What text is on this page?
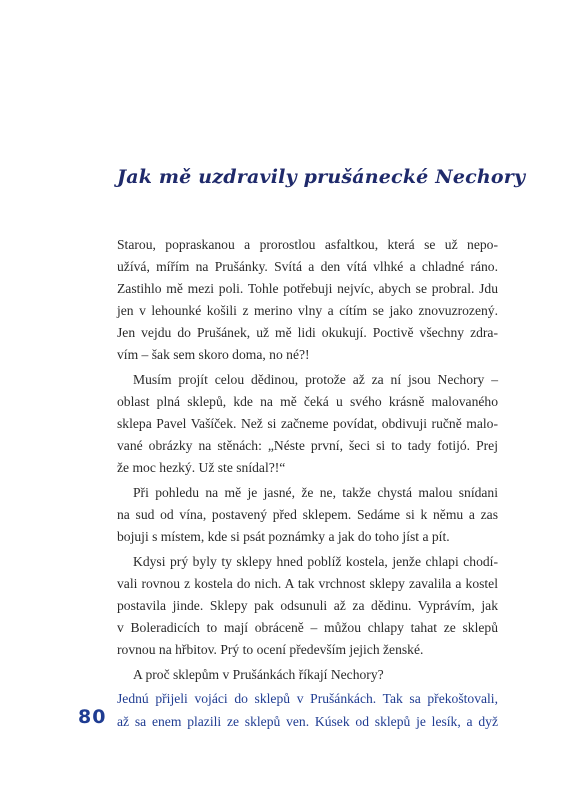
Jak mě uzdravily prušánecké Nechory
Starou, popraskanou a prorostlou asfaltkou, která se už nepo-
užívá, mířím na Prušánky. Svítá a den vítá vlhké a chladné ráno.
Zastihlo mě mezi poli. Tohle potřebuji nejvíc, abych se probral. Jdu
jen v lehounké košili z merino vlny a cítím se jako znovuzrozený.
Jen vejdu do Prušánek, už mě lidi okukují. Poctivě všechny zdra-
vím – šak sem skoro doma, no né?!
Musím projít celou dědinou, protože až za ní jsou Nechory –
oblast plná sklepů, kde na mě čeká u svého krásně malovaného
sklepa Pavel Vašíček. Než si začneme povídat, obdivuji ručně malo-
vané obrázky na stěnách: „Néste první, šeci si to tady fotijó. Prej
že moc hezký. Už ste snídal?!“
Při pohledu na mě je jasné, že ne, takže chystá malou snídani
na sud od vína, postavený před sklepem. Sedáme si k němu a zas
bojuji s místem, kde si psát poznámky a jak do toho jíst a pít.
Kdysi prý byly ty sklepy hned poblíž kostela, jenže chlapi chodí-
vali rovnou z kostela do nich. A tak vrchnost sklepy zavalila a kostel
postavila jinde. Sklepy pak odsunuli až za dědinu. Vyprávím, jak
v Boleradicích to mají obráceně – můžou chlapy tahat ze sklepů
rovnou na hřbitov. Prý to ocení především jejich ženské.
A proč sklepům v Prušánkách říkají Nechory?
Jednú přijeli vojáci do sklepů v Prušánkách. Tak sa překoštovali,
až sa enem plazili ze sklepů ven. Kúsek od sklepů je lesík, a dyž
80
